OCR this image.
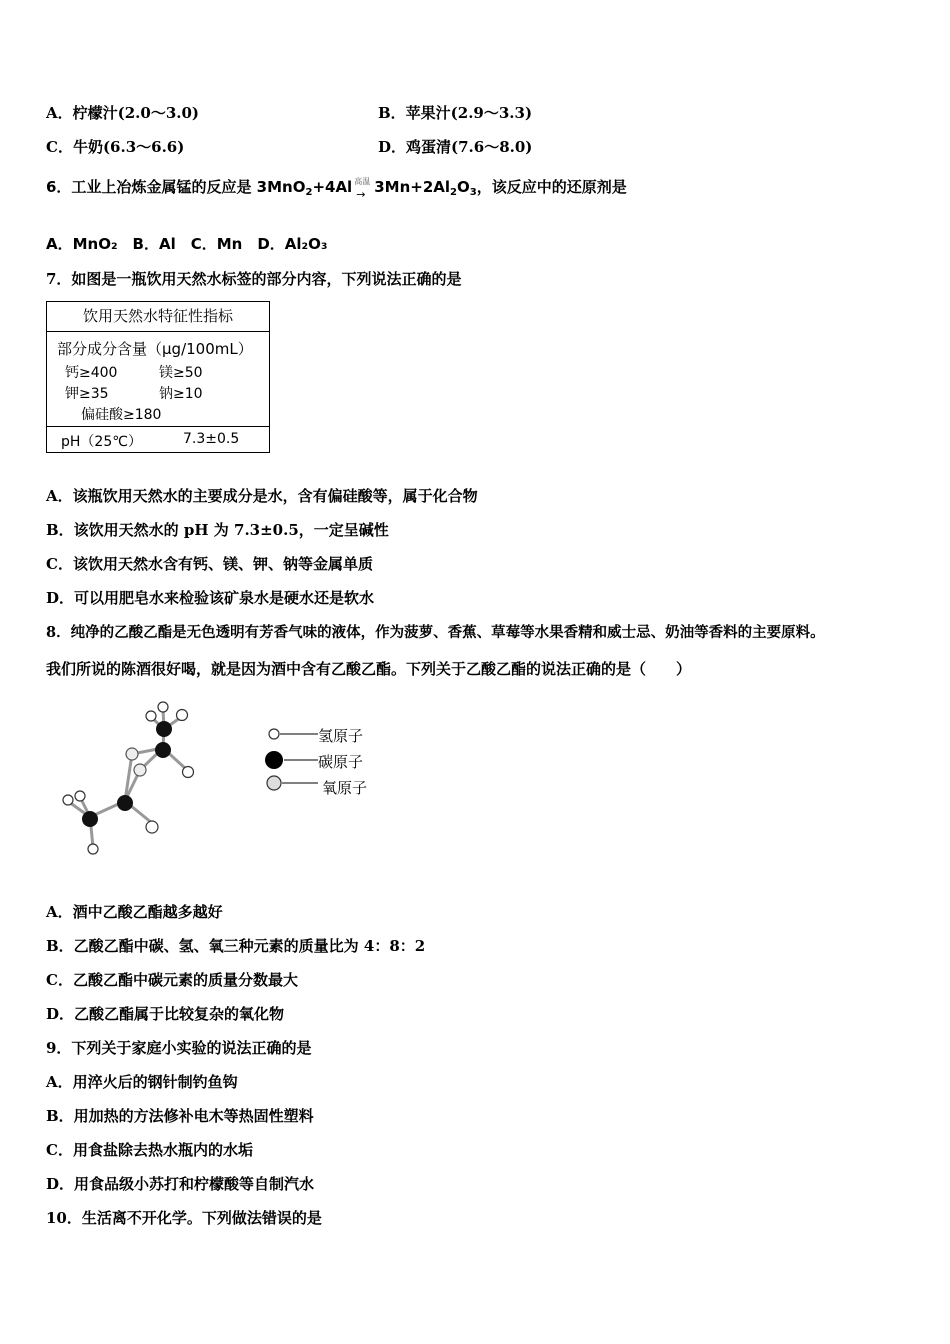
A．柠檬汁(2.0～3.0)	B．苹果汁(2.9～3.3)
C．牛奶(6.3～6.6)	D．鸡蛋清(7.6～8.0)
6．工业上冶炼金属锰的反应是 3MnO$_2$+4Al 高温
→ $3Mn+2Al_2O_3$，该反应中的还原剂是
A．MnO₂　B．Al　C．Mn　D．Al₂O₃
7．如图是一瓶饮用天然水标签的部分内容，下列说法正确的是
饮用天然水特征性指标
部分成分含量（μg/100mL）
钙≥400	镁≥50
钾≥35	钠≥10
偏硅酸≥180
pH（25℃）	7.3±0.5
A．该瓶饮用天然水的主要成分是水，含有偏硅酸等，属于化合物
B．该饮用天然水的 pH 为 7.3±0.5，一定呈碱性
C．该饮用天然水含有钙、镁、钾、钠等金属单质
D．可以用肥皂水来检验该矿泉水是硬水还是软水
8．纯净的乙酸乙酯是无色透明有芳香气味的液体，作为菠萝、香蕉、草莓等水果香精和威士忌、奶油等香料的主要原料。
我们所说的陈酒很好喝，就是因为酒中含有乙酸乙酯。下列关于乙酸乙酯的说法正确的是（　　）
氢原子
碳原子
氧原子
A．酒中乙酸乙酯越多越好
B．乙酸乙酯中碳、氢、氧三种元素的质量比为 4：8：2
C．乙酸乙酯中碳元素的质量分数最大
D．乙酸乙酯属于比较复杂的氧化物
9．下列关于家庭小实验的说法正确的是
A．用淬火后的钢针制钓鱼钩
B．用加热的方法修补电木等热固性塑料
C．用食盐除去热水瓶内的水垢
D．用食品级小苏打和柠檬酸等自制汽水
10．生活离不开化学。下列做法错误的是
